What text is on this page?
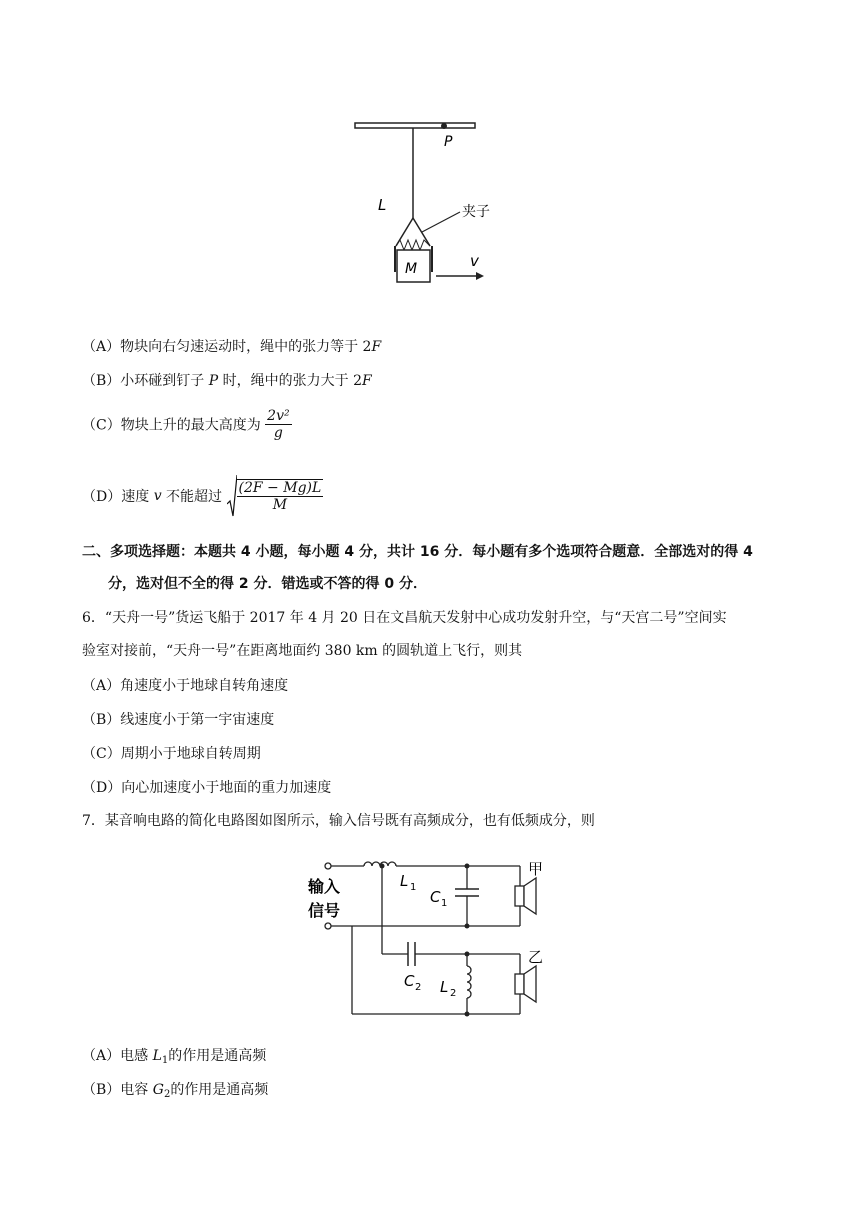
P
L	夹子
M	v
（A）物块向右匀速运动时，绳中的张力等于 2F
（B）小环碰到钉子 P 时，绳中的张力大于 2F
（C）物块上升的最大高度为 $\frac{\text{2v²}}{g}$
（D）速度 v 不能超过 $\frac{(2F - Mg)L}{M}$
二、多项选择题：本题共 4 小题，每小题 4 分，共计 16 分．每小题有多个选项符合题意．全部选对的得 4
分，选对但不全的得 2 分．错选或不答的得 0 分．
6．“天舟一号”货运飞船于 2017 年 4 月 20 日在文昌航天发射中心成功发射升空，与“天宫二号”空间实
验室对接前，“天舟一号”在距离地面约 380 km 的圆轨道上飞行，则其
（A）角速度小于地球自转角速度
（B）线速度小于第一宇宙速度
（C）周期小于地球自转周期
（D）向心加速度小于地面的重力加速度
7．某音响电路的简化电路图如图所示，输入信号既有高频成分，也有低频成分，则
输入
信号
L 1
C 1
甲
C 2 L 2
乙
（A）电感 $L_1$的作用是通高频
（B）电容 $G_2$的作用是通高频
